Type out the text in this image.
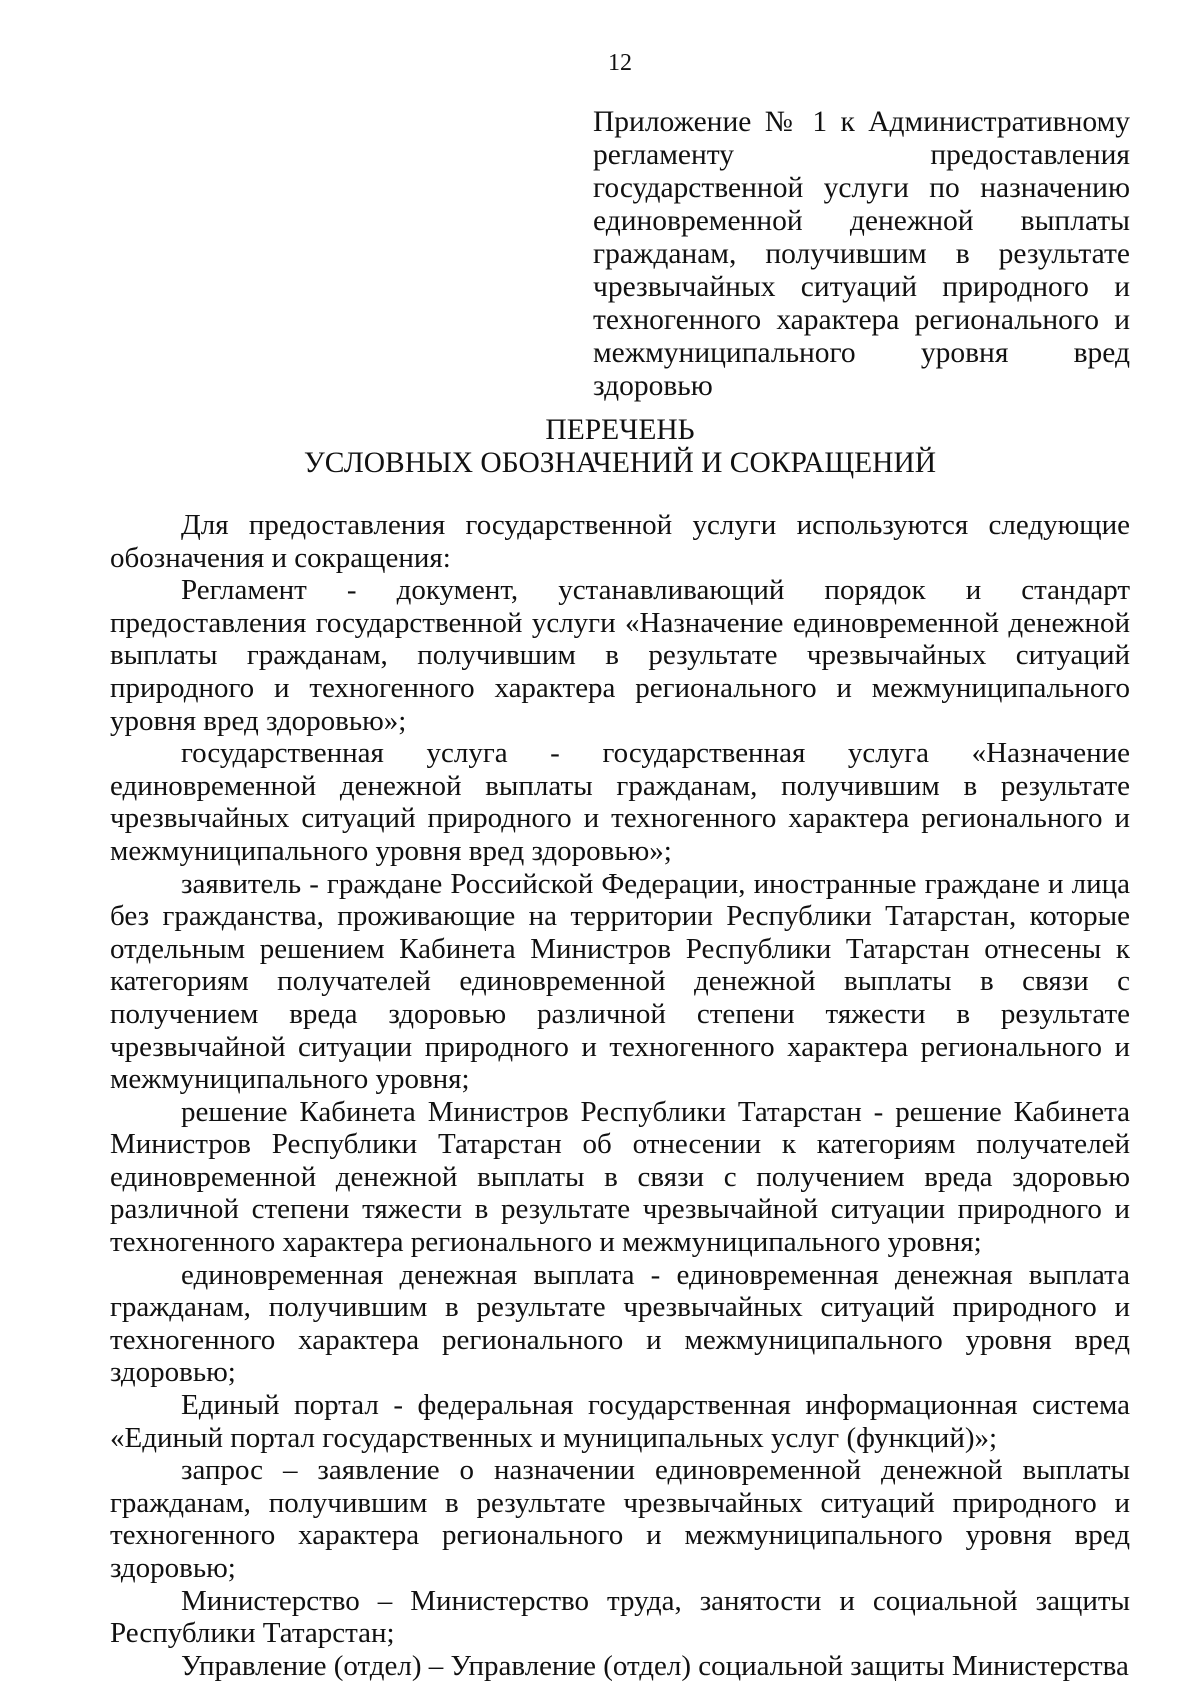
12
Приложение № 1 к Административному регламенту предоставления государственной услуги по назначению единовременной денежной выплаты гражданам, получившим в результате чрезвычайных ситуаций природного и техногенного характера регионального и межмуниципального уровня вред здоровью
ПЕРЕЧЕНЬ
УСЛОВНЫХ ОБОЗНАЧЕНИЙ И СОКРАЩЕНИЙ

Для предоставления государственной услуги используются следующие обозначения и сокращения:

Регламент - документ, устанавливающий порядок и стандарт предоставления государственной услуги «Назначение единовременной денежной выплаты гражданам, получившим в результате чрезвычайных ситуаций природного и техногенного характера регионального и межмуниципального уровня вред здоровью»;

государственная услуга - государственная услуга «Назначение единовременной денежной выплаты гражданам, получившим в результате чрезвычайных ситуаций природного и техногенного характера регионального и межмуниципального уровня вред здоровью»;

заявитель - граждане Российской Федерации, иностранные граждане и лица без гражданства, проживающие на территории Республики Татарстан, которые отдельным решением Кабинета Министров Республики Татарстан отнесены к категориям получателей единовременной денежной выплаты в связи с получением вреда здоровью различной степени тяжести в результате чрезвычайной ситуации природного и техногенного характера регионального и межмуниципального уровня;

решение Кабинета Министров Республики Татарстан - решение Кабинета Министров Республики Татарстан об отнесении к категориям получателей единовременной денежной выплаты в связи с получением вреда здоровью различной степени тяжести в результате чрезвычайной ситуации природного и техногенного характера регионального и межмуниципального уровня;

единовременная денежная выплата - единовременная денежная выплата гражданам, получившим в результате чрезвычайных ситуаций природного и техногенного характера регионального и межмуниципального уровня вред здоровью;

Единый портал - федеральная государственная информационная система «Единый портал государственных и муниципальных услуг (функций)»;

запрос – заявление о назначении единовременной денежной выплаты гражданам, получившим в результате чрезвычайных ситуаций природного и техногенного характера регионального и межмуниципального уровня вред здоровью;

Министерство – Министерство труда, занятости и социальной защиты Республики Татарстан;

Управление (отдел) – Управление (отдел) социальной защиты Министерства
